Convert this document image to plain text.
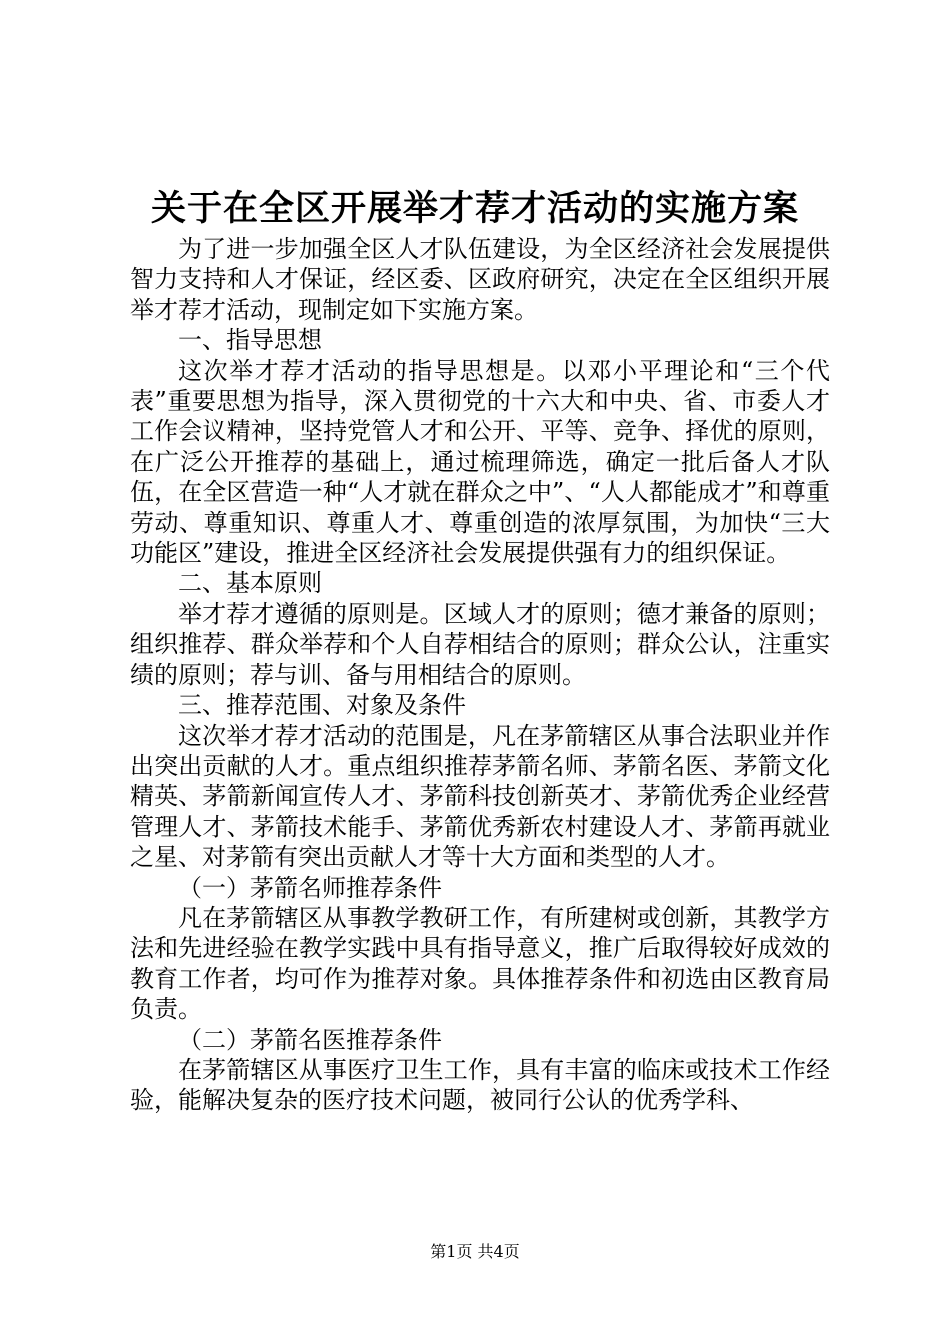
关于在全区开展举才荐才活动的实施方案

为了进一步加强全区人才队伍建设，为全区经济社会发展提供智力支持和人才保证，经区委、区政府研究，决定在全区组织开展举才荐才活动，现制定如下实施方案。

一、指导思想

这次举才荐才活动的指导思想是。以邓小平理论和“三个代表”重要思想为指导，深入贯彻党的十六大和中央、省、市委人才工作会议精神，坚持党管人才和公开、平等、竞争、择优的原则，在广泛公开推荐的基础上，通过梳理筛选，确定一批后备人才队伍，在全区营造一种“人才就在群众之中”、“人人都能成才”和尊重劳动、尊重知识、尊重人才、尊重创造的浓厚氛围，为加快“三大功能区”建设，推进全区经济社会发展提供强有力的组织保证。

二、基本原则

举才荐才遵循的原则是。区域人才的原则；德才兼备的原则；组织推荐、群众举荐和个人自荐相结合的原则；群众公认，注重实绩的原则；荐与训、备与用相结合的原则。

三、推荐范围、对象及条件

这次举才荐才活动的范围是，凡在茅箭辖区从事合法职业并作出突出贡献的人才。重点组织推荐茅箭名师、茅箭名医、茅箭文化精英、茅箭新闻宣传人才、茅箭科技创新英才、茅箭优秀企业经营管理人才、茅箭技术能手、茅箭优秀新农村建设人才、茅箭再就业之星、对茅箭有突出贡献人才等十大方面和类型的人才。

（一）茅箭名师推荐条件

凡在茅箭辖区从事教学教研工作，有所建树或创新，其教学方法和先进经验在教学实践中具有指导意义，推广后取得较好成效的教育工作者，均可作为推荐对象。具体推荐条件和初选由区教育局负责。

（二）茅箭名医推荐条件

在茅箭辖区从事医疗卫生工作，具有丰富的临床或技术工作经验，能解决复杂的医疗技术问题，被同行公认的优秀学科、

第1页 共4页
